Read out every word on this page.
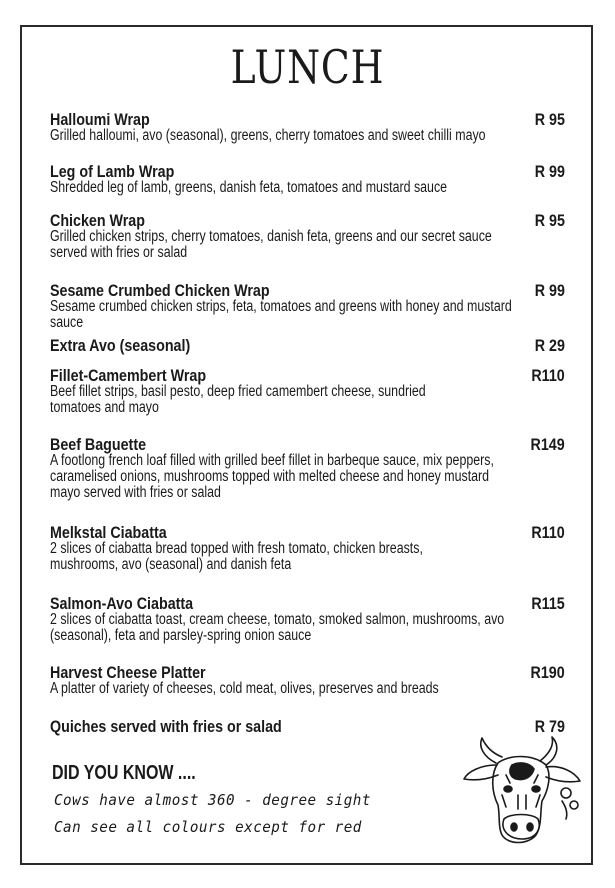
LUNCH
Halloumi Wrap	R 95
Grilled halloumi, avo (seasonal), greens, cherry tomatoes and sweet chilli mayo
Leg of Lamb Wrap	R 99
Shredded leg of lamb, greens, danish feta, tomatoes and mustard sauce
Chicken Wrap	R 95
Grilled chicken strips, cherry tomatoes, danish feta, greens and our secret sauce served with fries or salad
Sesame Crumbed Chicken Wrap	R 99
Sesame crumbed chicken strips, feta, tomatoes and greens with honey and mustard sauce
Extra Avo (seasonal)	R 29
Fillet-Camembert Wrap	R110
Beef fillet strips, basil pesto, deep fried camembert cheese, sundried tomatoes and mayo
Beef Baguette	R149
A footlong french loaf filled with grilled beef fillet in barbeque sauce, mix peppers, caramelised onions, mushrooms topped with melted cheese and honey mustard mayo served with fries or salad
Melkstal Ciabatta	R110
2 slices of ciabatta bread topped with fresh tomato, chicken breasts, mushrooms, avo (seasonal) and danish feta
Salmon-Avo Ciabatta	R115
2 slices of ciabatta toast, cream cheese, tomato, smoked salmon, mushrooms, avo (seasonal), feta and parsley-spring onion sauce
Harvest Cheese Platter	R190
A platter of variety of cheeses, cold meat, olives, preserves and breads
Quiches served with fries or salad	R 79
DID YOU KNOW ....
Cows have almost 360 - degree sight
Can see all colours except for red
